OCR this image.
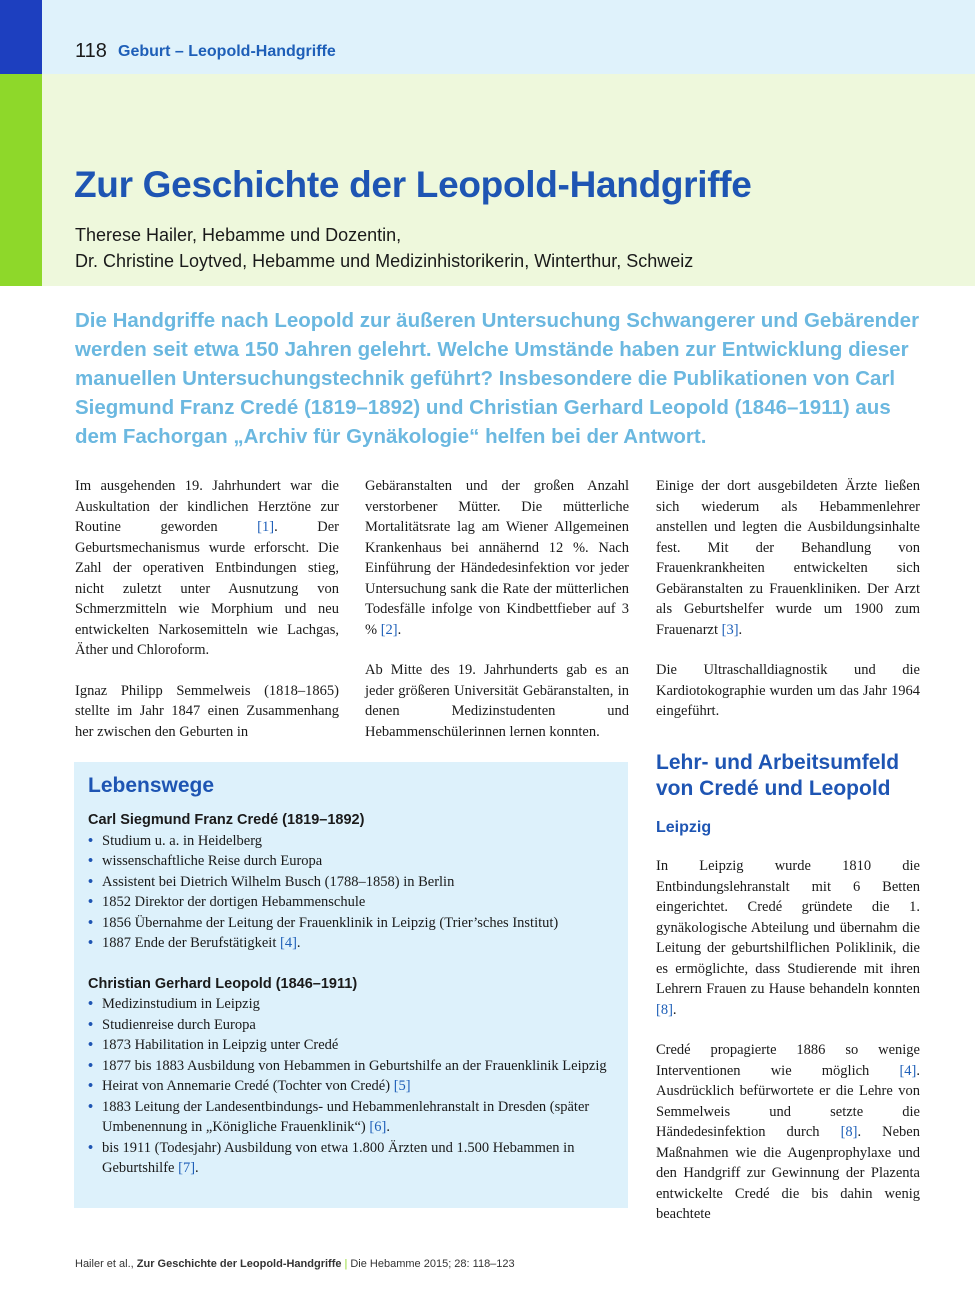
118 Geburt – Leopold-Handgriffe
Zur Geschichte der Leopold-Handgriffe
Therese Hailer, Hebamme und Dozentin,
Dr. Christine Loytved, Hebamme und Medizinhistorikerin, Winterthur, Schweiz

Die Handgriffe nach Leopold zur äußeren Untersuchung Schwangerer und Gebärender werden seit etwa 150 Jahren gelehrt. Welche Umstände haben zur Entwicklung dieser manuellen Untersuchungstechnik geführt? Insbesondere die Publikationen von Carl Siegmund Franz Credé (1819–1892) und Christian Gerhard Leopold (1846–1911) aus dem Fachorgan „Archiv für Gynäkologie“ helfen bei der Antwort.

Im ausgehenden 19. Jahrhundert war die Auskultation der kindlichen Herztöne zur Routine geworden [1]. Der Geburtsmechanismus wurde erforscht. Die Zahl der operativen Entbindungen stieg, nicht zuletzt unter Ausnutzung von Schmerzmitteln wie Morphium und neu entwickelten Narkosemitteln wie Lachgas, Äther und Chloroform.

Ignaz Philipp Semmelweis (1818–1865) stellte im Jahr 1847 einen Zusammenhang her zwischen den Geburten in

Gebäranstalten und der großen Anzahl verstorbener Mütter. Die mütterliche Mortalitätsrate lag am Wiener Allgemeinen Krankenhaus bei annähernd 12 %. Nach Einführung der Händedesinfektion vor jeder Untersuchung sank die Rate der mütterlichen Todesfälle infolge von Kindbettfieber auf 3 % [2].

Ab Mitte des 19. Jahrhunderts gab es an jeder größeren Universität Gebäranstalten, in denen Medizinstudenten und Hebammenschülerinnen lernen konnten.

Einige der dort ausgebildeten Ärzte ließen sich wiederum als Hebammenlehrer anstellen und legten die Ausbildungsinhalte fest. Mit der Behandlung von Frauenkrankheiten entwickelten sich Gebäranstalten zu Frauenkliniken. Der Arzt als Geburtshelfer wurde um 1900 zum Frauenarzt [3].

Die Ultraschalldiagnostik und die Kardiotokographie wurden um das Jahr 1964 eingeführt.

Lehr- und Arbeitsumfeld von Credé und Leopold
Leipzig

In Leipzig wurde 1810 die Entbindungslehranstalt mit 6 Betten eingerichtet. Credé gründete die 1. gynäkologische Abteilung und übernahm die Leitung der geburtshilflichen Poliklinik, die es ermöglichte, dass Studierende mit ihren Lehrern Frauen zu Hause behandeln konnten [8].

Credé propagierte 1886 so wenige Interventionen wie möglich [4]. Ausdrücklich befürwortete er die Lehre von Semmelweis und setzte die Händedesinfektion durch [8]. Neben Maßnahmen wie die Augenprophylaxe und den Handgriff zur Gewinnung der Plazenta entwickelte Credé die bis dahin wenig beachtete

Lebenswege
Carl Siegmund Franz Credé (1819–1892)
• Studium u. a. in Heidelberg
• wissenschaftliche Reise durch Europa
• Assistent bei Dietrich Wilhelm Busch (1788–1858) in Berlin
• 1852 Direktor der dortigen Hebammenschule
• 1856 Übernahme der Leitung der Frauenklinik in Leipzig (Trier’sches Institut)
• 1887 Ende der Berufstätigkeit [4].
Christian Gerhard Leopold (1846–1911)
• Medizinstudium in Leipzig
• Studienreise durch Europa
• 1873 Habilitation in Leipzig unter Credé
• 1877 bis 1883 Ausbildung von Hebammen in Geburtshilfe an der Frauenklinik Leipzig
• Heirat von Annemarie Credé (Tochter von Credé) [5]
• 1883 Leitung der Landesentbindungs- und Hebammenlehranstalt in Dresden (später Umbenennung in „Königliche Frauenklinik“) [6].
• bis 1911 (Todesjahr) Ausbildung von etwa 1.800 Ärzten und 1.500 Hebammen in Geburtshilfe [7].
Hailer et al., Zur Geschichte der Leopold-Handgriffe | Die Hebamme 2015; 28: 118–123
